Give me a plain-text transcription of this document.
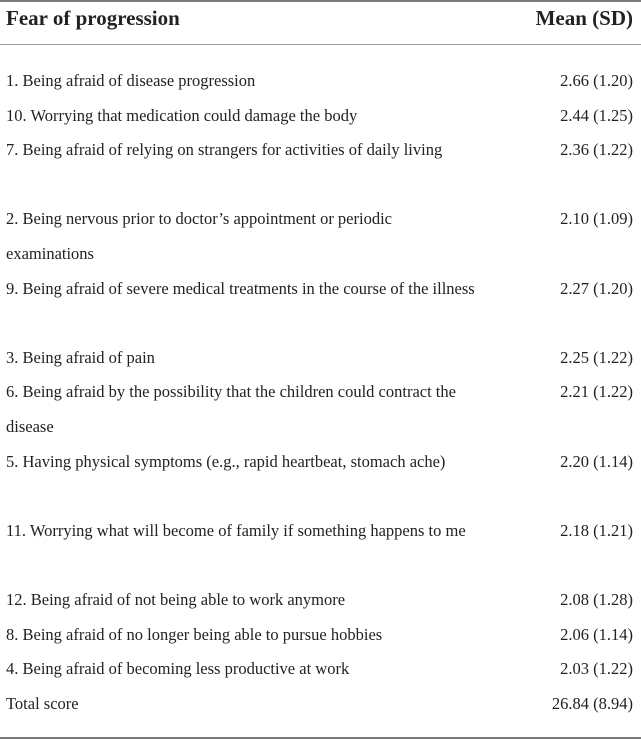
Fear of progression	Mean (SD)
1. Being afraid of disease progression	2.66 (1.20)
10. Worrying that medication could damage the body	2.44 (1.25)
7. Being afraid of relying on strangers for activities of daily living	2.36 (1.22)
2. Being nervous prior to doctor’s appointment or periodic examinations
2.10 (1.09)
9. Being afraid of severe medical treatments in the course of the illness	2.27 (1.20)
3. Being afraid of pain	2.25 (1.22)
6. Being afraid by the possibility that the children could contract the disease
2.21 (1.22)
5. Having physical symptoms (e.g., rapid heartbeat, stomach ache)	2.20 (1.14)
11. Worrying what will become of family if something happens to me	2.18 (1.21)
12. Being afraid of not being able to work anymore	2.08 (1.28)
8. Being afraid of no longer being able to pursue hobbies	2.06 (1.14)
4. Being afraid of becoming less productive at work	2.03 (1.22)
Total score	26.84 (8.94)
